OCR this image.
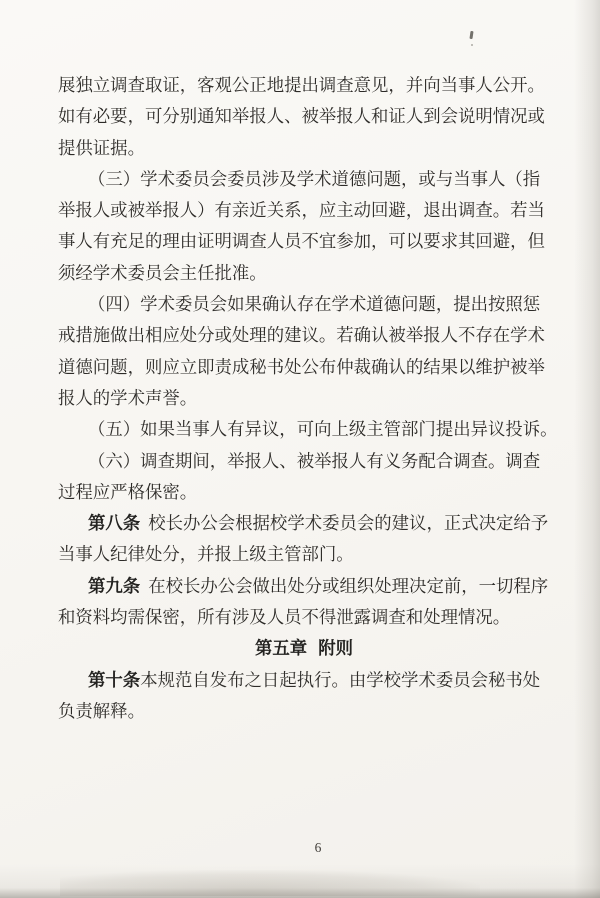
展独立调查取证，客观公正地提出调查意见，并向当事人公开。
如有必要，可分别通知举报人、被举报人和证人到会说明情况或
提供证据。
（三）学术委员会委员涉及学术道德问题，或与当事人（指
举报人或被举报人）有亲近关系，应主动回避，退出调查。若当
事人有充足的理由证明调查人员不宜参加，可以要求其回避，但
须经学术委员会主任批准。
（四）学术委员会如果确认存在学术道德问题，提出按照惩
戒措施做出相应处分或处理的建议。若确认被举报人不存在学术
道德问题，则应立即责成秘书处公布仲裁确认的结果以维护被举
报人的学术声誉。
（五）如果当事人有异议，可向上级主管部门提出异议投诉。
（六）调查期间，举报人、被举报人有义务配合调查。调查
过程应严格保密。
第八条 校长办公会根据校学术委员会的建议，正式决定给予
当事人纪律处分，并报上级主管部门。
第九条 在校长办公会做出处分或组织处理决定前，一切程序
和资料均需保密，所有涉及人员不得泄露调查和处理情况。
第五章 附则
第十条本规范自发布之日起执行。由学校学术委员会秘书处
负责解释。
6
